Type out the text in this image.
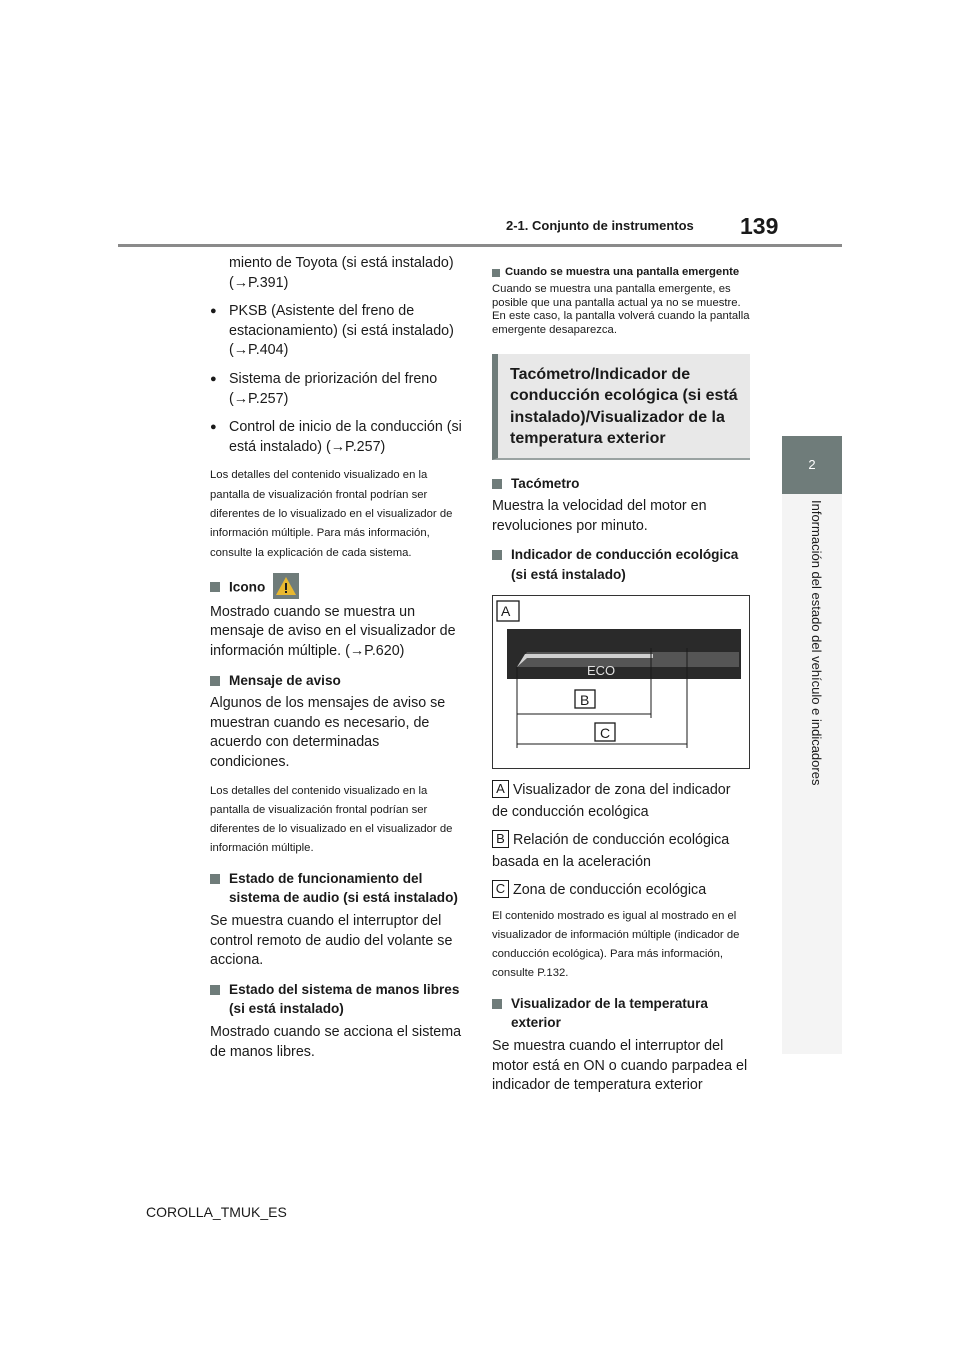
2-1. Conjunto de instrumentos 139
2
Información del estado del vehículo e indicadores

miento de Toyota (si está instalado) (→P.391)

● PKSB (Asistente del freno de estacionamiento) (si está instalado) (→P.404)

● Sistema de priorización del freno (→P.257)

● Control de inicio de la conducción (si está instalado) (→P.257)

Los detalles del contenido visualizado en la pantalla de visualización frontal podrían ser diferentes de lo visualizado en el visualizador de información múltiple. Para más información, consulte la explicación de cada sistema.

Icono

Mostrado cuando se muestra un mensaje de aviso en el visualizador de información múltiple. (→P.620)

Mensaje de aviso

Algunos de los mensajes de aviso se muestran cuando es necesario, de acuerdo con determinadas condiciones.

Los detalles del contenido visualizado en la pantalla de visualización frontal podrían ser diferentes de lo visualizado en el visualizador de información múltiple.

Estado de funcionamiento del sistema de audio (si está instalado)

Se muestra cuando el interruptor del control remoto de audio del volante se acciona.

Estado del sistema de manos libres (si está instalado)

Mostrado cuando se acciona el sistema de manos libres.

Cuando se muestra una pantalla emergente

Cuando se muestra una pantalla emergente, es posible que una pantalla actual ya no se muestre. En este caso, la pantalla volverá cuando la pantalla emergente desaparezca.

Tacómetro/Indicador de conducción ecológica (si está instalado)/Visualizador de la temperatura exterior
Tacómetro

Muestra la velocidad del motor en revoluciones por minuto.

Indicador de conducción ecológica (si está instalado)
A
ECO
B
C

A Visualizador de zona del indicador de conducción ecológica

B Relación de conducción ecológica basada en la aceleración

C Zona de conducción ecológica

El contenido mostrado es igual al mostrado en el visualizador de información múltiple (indicador de conducción ecológica). Para más información, consulte P.132.

Visualizador de la temperatura exterior

Se muestra cuando el interruptor del motor está en ON o cuando parpadea el indicador de temperatura exterior

COROLLA_TMUK_ES
